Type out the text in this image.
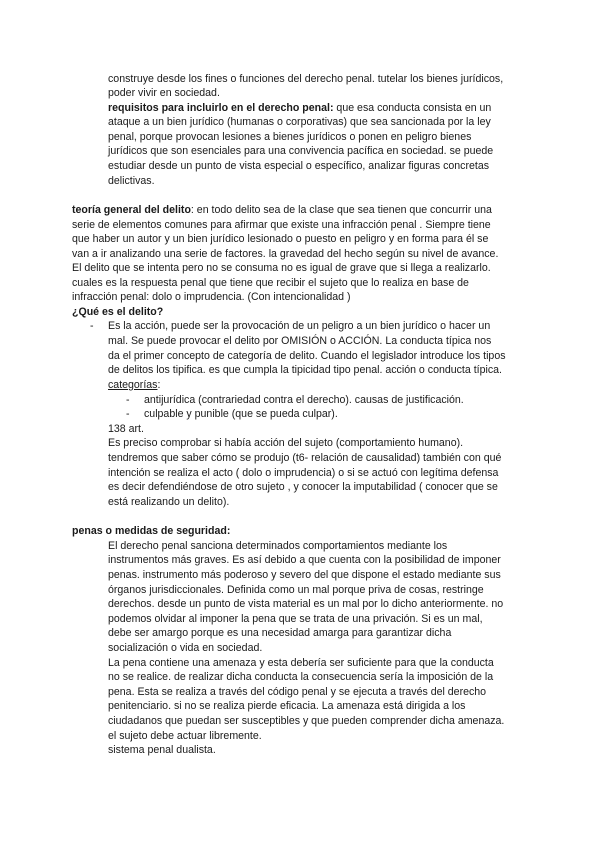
construye desde los fines o funciones del derecho penal. tutelar los bienes jurídicos,
poder vivir en sociedad.
requisitos para incluirlo en el derecho penal: que esa conducta consista en un
ataque a un bien jurídico (humanas o corporativas) que sea sancionada por la ley
penal, porque provocan lesiones a bienes jurídicos o ponen en peligro bienes
jurídicos que son esenciales para una convivencia pacífica en sociedad. se puede
estudiar desde un punto de vista especial o específico, analizar figuras concretas
delictivas.
teoría general del delito: en todo delito sea de la clase que sea tienen que concurrir una
serie de elementos comunes para afirmar que existe una infracción penal . Siempre tiene
que haber un autor y un bien jurídico lesionado o puesto en peligro y en forma para él se
van a ir analizando una serie de factores. la gravedad del hecho según su nivel de avance.
El delito que se intenta pero no se consuma no es igual de grave que si llega a realizarlo.
cuales es la respuesta penal que tiene que recibir el sujeto que lo realiza en base de
infracción penal: dolo o imprudencia. (Con intencionalidad )
¿Qué es el delito?
- Es la acción, puede ser la provocación de un peligro a un bien jurídico o hacer un
mal. Se puede provocar el delito por OMISIÓN o ACCIÓN. La conducta típica nos
da el primer concepto de categoría de delito. Cuando el legislador introduce los tipos
de delitos los tipifica. es que cumpla la tipicidad tipo penal. acción o conducta típica.
categorías:
- antijurídica (contrariedad contra el derecho). causas de justificación.
- culpable y punible (que se pueda culpar).
138 art.
Es preciso comprobar si había acción del sujeto (comportamiento humano).
tendremos que saber cómo se produjo (t6- relación de causalidad) también con qué
intención se realiza el acto ( dolo o imprudencia) o si se actuó con legítima defensa
es decir defendiéndose de otro sujeto , y conocer la imputabilidad ( conocer que se
está realizando un delito).
penas o medidas de seguridad:
El derecho penal sanciona determinados comportamientos mediante los
instrumentos más graves. Es así debido a que cuenta con la posibilidad de imponer
penas. instrumento más poderoso y severo del que dispone el estado mediante sus
órganos jurisdiccionales. Definida como un mal porque priva de cosas, restringe
derechos. desde un punto de vista material es un mal por lo dicho anteriormente. no
podemos olvidar al imponer la pena que se trata de una privación. Si es un mal,
debe ser amargo porque es una necesidad amarga para garantizar dicha
socialización o vida en sociedad.
La pena contiene una amenaza y esta debería ser suficiente para que la conducta
no se realice. de realizar dicha conducta la consecuencia sería la imposición de la
pena. Esta se realiza a través del código penal y se ejecuta a través del derecho
penitenciario. si no se realiza pierde eficacia. La amenaza está dirigida a los
ciudadanos que puedan ser susceptibles y que pueden comprender dicha amenaza.
el sujeto debe actuar libremente.
sistema penal dualista.
